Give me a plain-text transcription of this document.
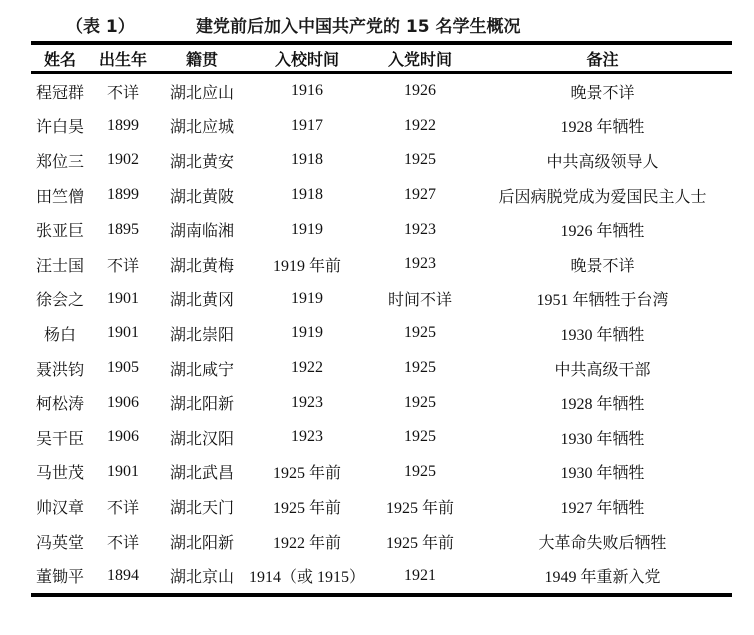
（表 1）	建党前后加入中国共产党的 15 名学生概况
姓名	出生年	籍贯	入校时间	入党时间	备注
程冠群	不详	湖北应山	1916	1926	晚景不详
许白昊	1899	湖北应城	1917	1922	1928 年牺牲
郑位三	1902	湖北黄安	1918	1925	中共高级领导人
田竺僧	1899	湖北黄陂	1918	1927	后因病脱党成为爱国民主人士
张亚巨	1895	湖南临湘	1919	1923	1926 年牺牲
汪士国	不详	湖北黄梅	1919 年前	1923	晚景不详
徐会之	1901	湖北黄冈	1919	时间不详	1951 年牺牲于台湾
杨白	1901	湖北崇阳	1919	1925	1930 年牺牲
聂洪钧	1905	湖北咸宁	1922	1925	中共高级干部
柯松涛	1906	湖北阳新	1923	1925	1928 年牺牲
吴干臣	1906	湖北汉阳	1923	1925	1930 年牺牲
马世茂	1901	湖北武昌	1925 年前	1925	1930 年牺牲
帅汉章	不详	湖北天门	1925 年前	1925 年前	1927 年牺牲
冯英堂	不详	湖北阳新	1922 年前	1925 年前	大革命失败后牺牲
董锄平	1894	湖北京山	1914（或 1915）	1921	1949 年重新入党
